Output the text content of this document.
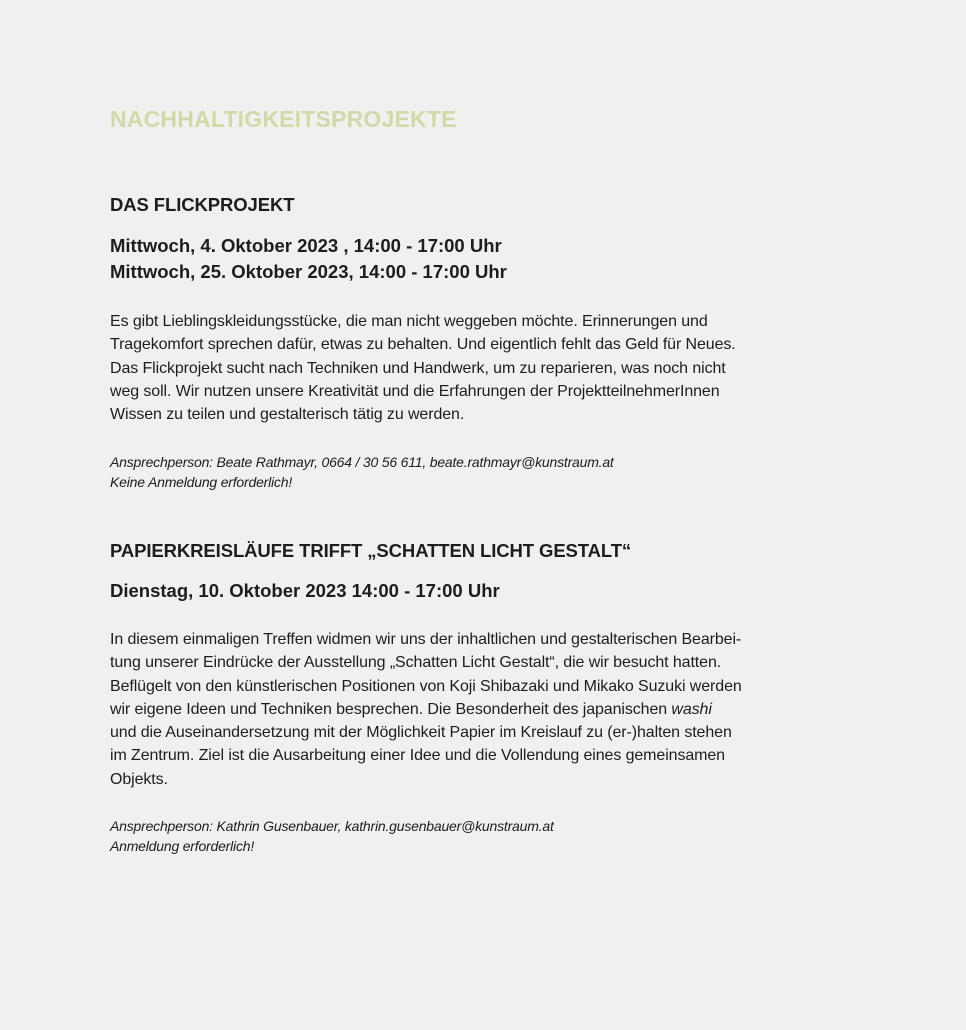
NACHHALTIGKEITSPROJEKTE
DAS FLICKPROJEKT

Mittwoch, 4. Oktober 2023 , 14:00 - 17:00 Uhr

Mittwoch, 25. Oktober 2023, 14:00 - 17:00 Uhr

Es gibt Lieblingskleidungsstücke, die man nicht weggeben möchte. Erinnerungen und
Tragekomfort sprechen dafür, etwas zu behalten. Und eigentlich fehlt das Geld für Neues.
Das Flickprojekt sucht nach Techniken und Handwerk, um zu reparieren, was noch nicht
weg soll. Wir nutzen unsere Kreativität und die Erfahrungen der ProjektteilnehmerInnen
Wissen zu teilen und gestalterisch tätig zu werden.

Ansprechperson: Beate Rathmayr, 0664 / 30 56 611, beate.rathmayr@kunstraum.at

Keine Anmeldung erforderlich!

PAPIERKREISLÄUFE TRIFFT „SCHATTEN LICHT GESTALT“

Dienstag, 10. Oktober 2023 14:00 - 17:00 Uhr

In diesem einmaligen Treffen widmen wir uns der inhaltlichen und gestalterischen Bearbei-
tung unserer Eindrücke der Ausstellung „Schatten Licht Gestalt“, die wir besucht hatten.
Beflügelt von den künstlerischen Positionen von Koji Shibazaki und Mikako Suzuki werden
wir eigene Ideen und Techniken besprechen. Die Besonderheit des japanischen washi
und die Auseinandersetzung mit der Möglichkeit Papier im Kreislauf zu (er-)halten stehen
im Zentrum. Ziel ist die Ausarbeitung einer Idee und die Vollendung eines gemeinsamen
Objekts.

Ansprechperson: Kathrin Gusenbauer, kathrin.gusenbauer@kunstraum.at

Anmeldung erforderlich!
